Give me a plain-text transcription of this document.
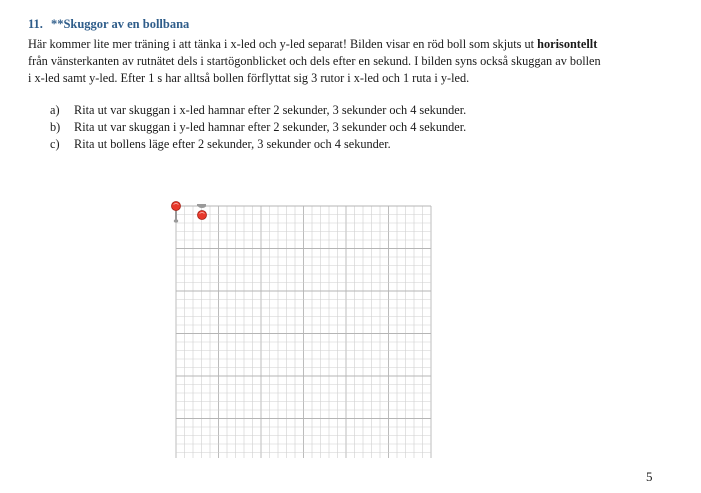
11. **Skuggor av en bollbana

Här kommer lite mer träning i att tänka i x-led och y-led separat! Bilden visar en röd boll som skjuts ut horisontellt

från vänsterkanten av rutnätet dels i startögonblicket och dels efter en sekund. I bilden syns också skuggan av bollen

i x-led samt y-led. Efter 1 s har alltså bollen förflyttat sig 3 rutor i x-led och 1 ruta i y-led.

a) Rita ut var skuggan i x-led hamnar efter 2 sekunder, 3 sekunder och 4 sekunder.
b) Rita ut var skuggan i y-led hamnar efter 2 sekunder, 3 sekunder och 4 sekunder.
c) Rita ut bollens läge efter 2 sekunder, 3 sekunder och 4 sekunder.
5
